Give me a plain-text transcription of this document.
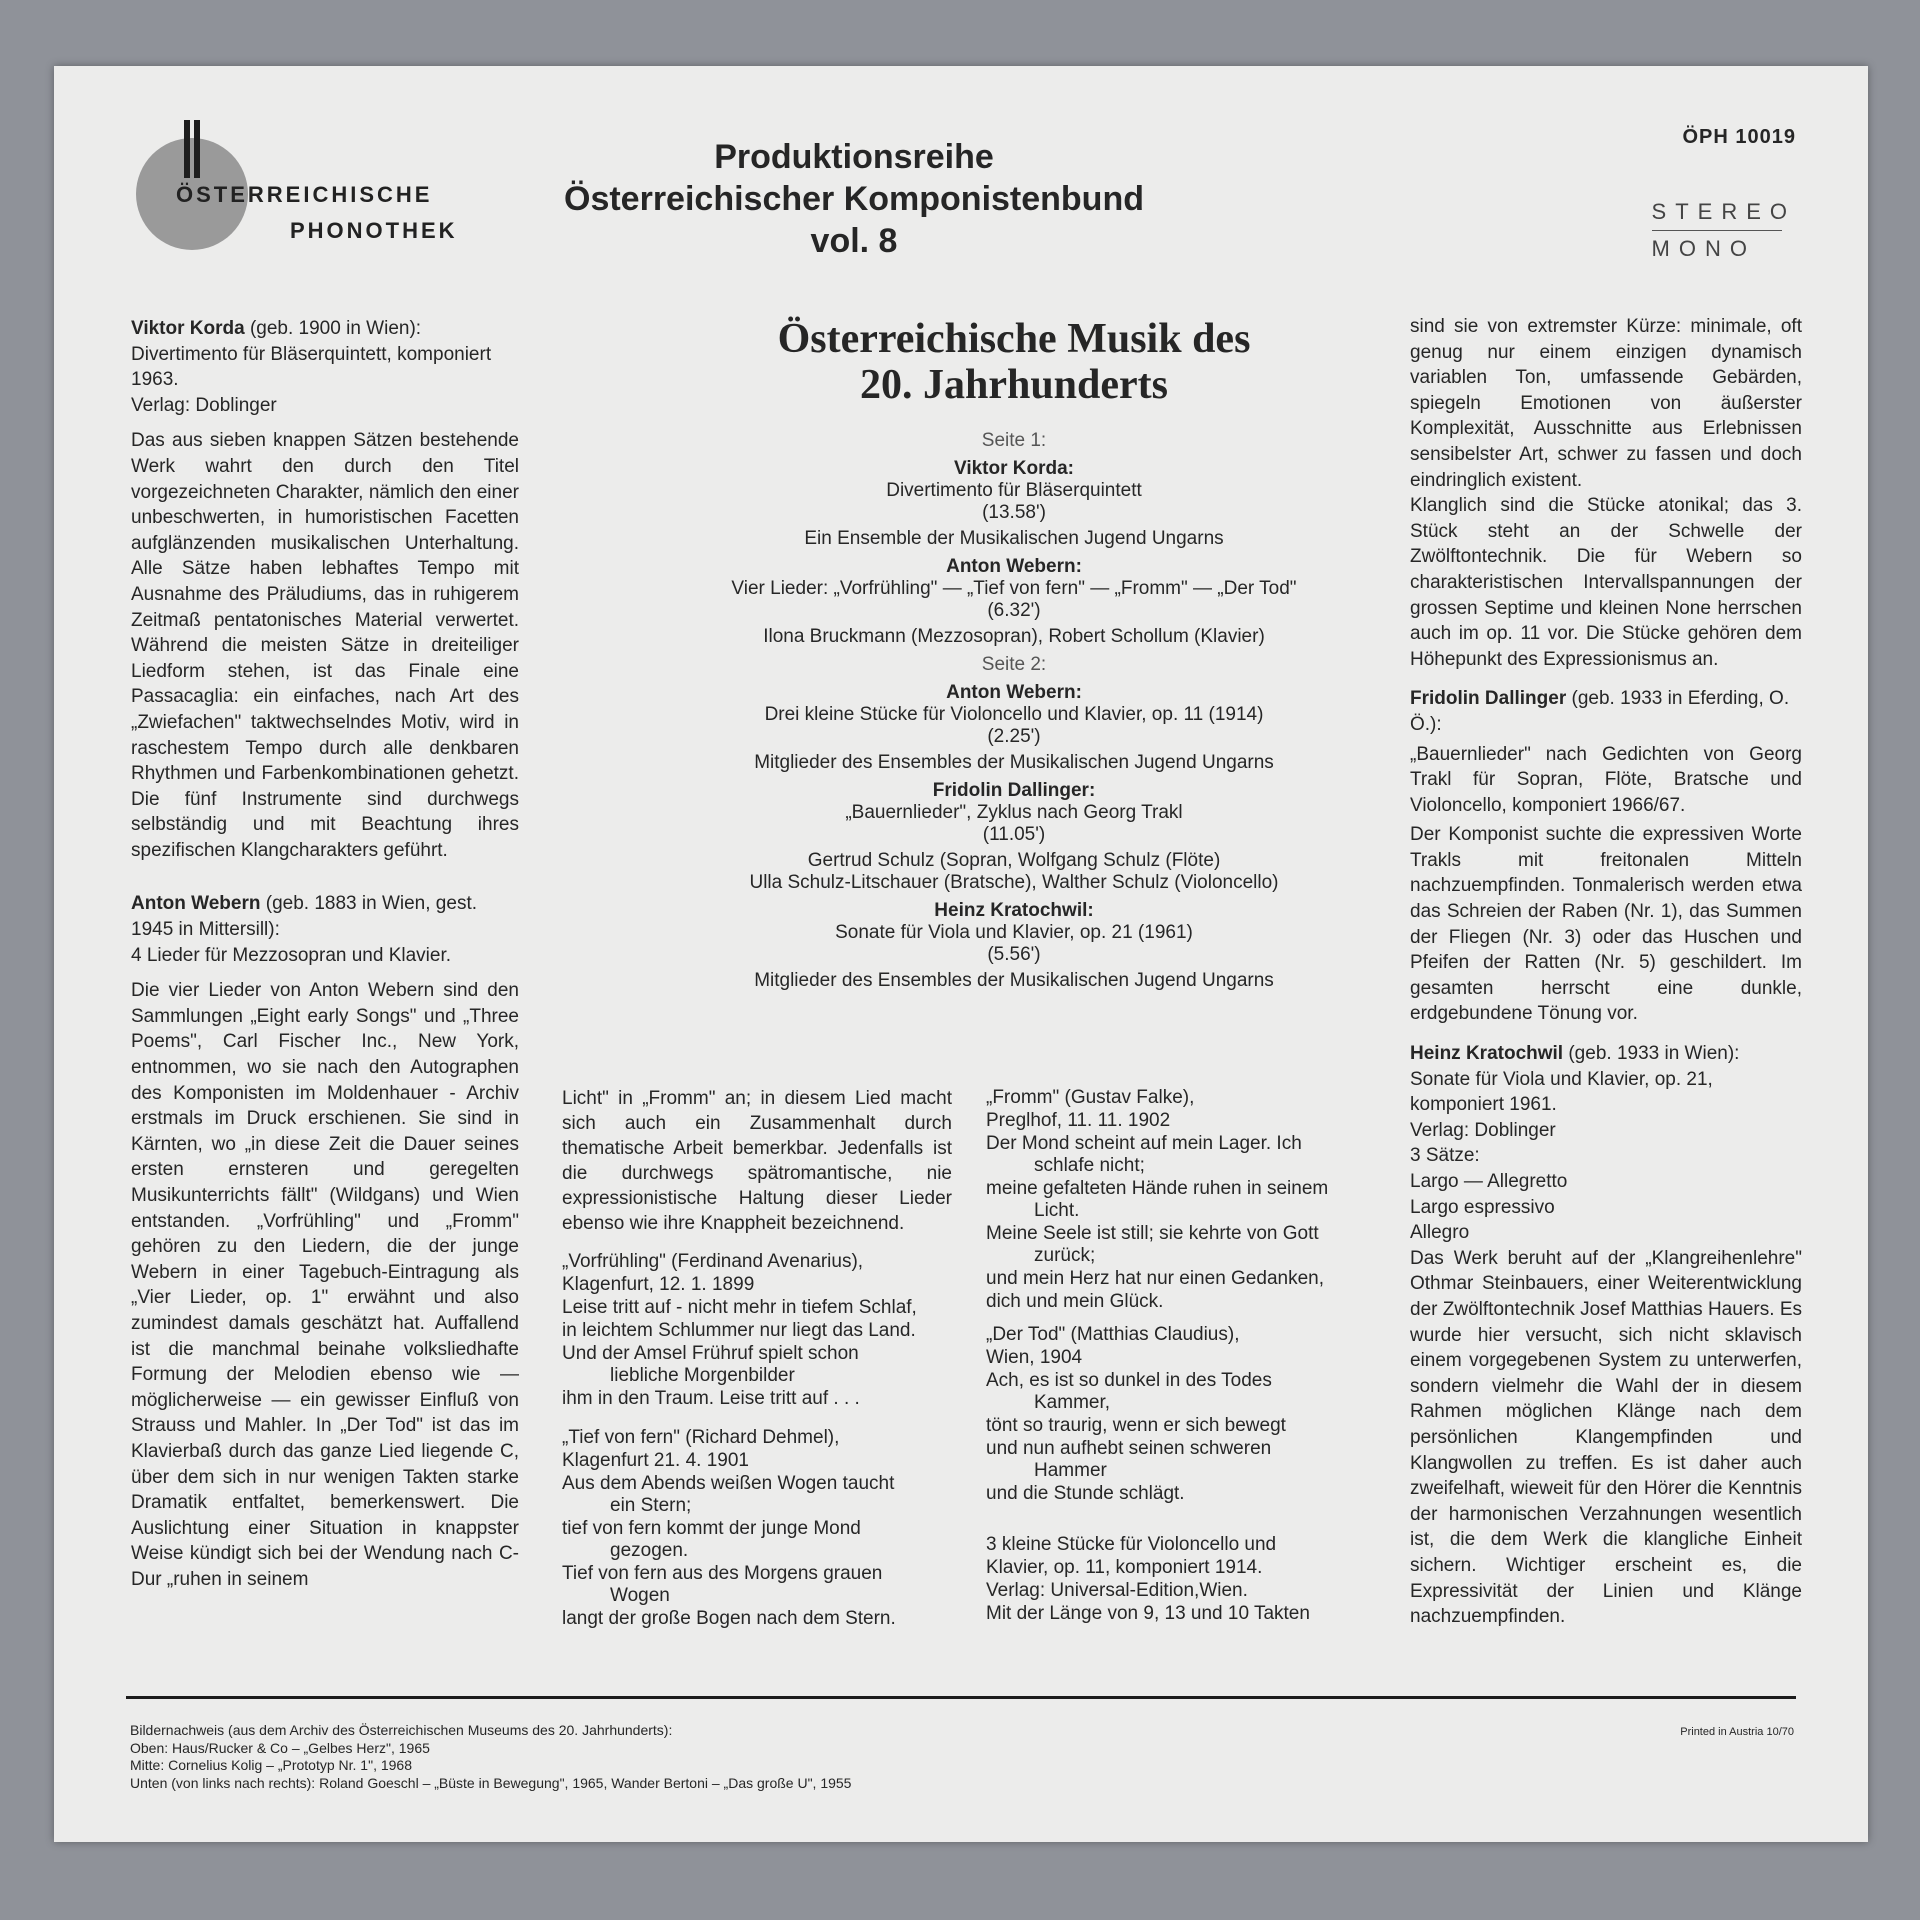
ÖSTERREICHISCHE
PHONOTHEK
Produktionsreihe
Österreichischer Komponistenbund
vol. 8
ÖPH 10019
STEREO
MONO
Österreichische Musik des
20. Jahrhunderts
Seite 1:
Viktor Korda:
Divertimento für Bläserquintett
(13.58')
Ein Ensemble der Musikalischen Jugend Ungarns
Anton Webern:
Vier Lieder: „Vorfrühling" — „Tief von fern" — „Fromm" — „Der Tod"
(6.32')
Ilona Bruckmann (Mezzosopran), Robert Schollum (Klavier)
Seite 2:
Anton Webern:
Drei kleine Stücke für Violoncello und Klavier, op. 11 (1914)
(2.25')
Mitglieder des Ensembles der Musikalischen Jugend Ungarns
Fridolin Dallinger:
„Bauernlieder", Zyklus nach Georg Trakl
(11.05')
Gertrud Schulz (Sopran, Wolfgang Schulz (Flöte)
Ulla Schulz-Litschauer (Bratsche), Walther Schulz (Violoncello)
Heinz Kratochwil:
Sonate für Viola und Klavier, op. 21 (1961)
(5.56')
Mitglieder des Ensembles der Musikalischen Jugend Ungarns

Viktor Korda (geb. 1900 in Wien): Divertimento für Bläserquintett, komponiert 1963.
Verlag: Doblinger

Das aus sieben knappen Sätzen bestehende Werk wahrt den durch den Titel vorgezeichneten Charakter, nämlich den einer unbeschwerten, in humoristischen Facetten aufglänzenden musikalischen Unterhaltung. Alle Sätze haben lebhaftes Tempo mit Ausnahme des Präludiums, das in ruhigerem Zeitmaß pentatonisches Material verwertet. Während die meisten Sätze in dreiteiliger Liedform stehen, ist das Finale eine Passacaglia: ein einfaches, nach Art des „Zwiefachen" taktwechselndes Motiv, wird in raschestem Tempo durch alle denkbaren Rhythmen und Farbenkombinationen gehetzt. Die fünf Instrumente sind durchwegs selbständig und mit Beachtung ihres spezifischen Klangcharakters geführt.

Anton Webern (geb. 1883 in Wien, gest. 1945 in Mittersill):
4 Lieder für Mezzosopran und Klavier.

Die vier Lieder von Anton Webern sind den Sammlungen „Eight early Songs" und „Three Poems", Carl Fischer Inc., New York, entnommen, wo sie nach den Autographen des Komponisten im Moldenhauer - Archiv erstmals im Druck erschienen. Sie sind in Kärnten, wo „in diese Zeit die Dauer seines ersten ernsteren und geregelten Musikunterrichts fällt" (Wildgans) und Wien entstanden. „Vorfrühling" und „Fromm" gehören zu den Liedern, die der junge Webern in einer Tagebuch-Eintragung als „Vier Lieder, op. 1" erwähnt und also zumindest damals geschätzt hat. Auffallend ist die manchmal beinahe volksliedhafte Formung der Melodien ebenso wie — möglicherweise — ein gewisser Einfluß von Strauss und Mahler. In „Der Tod" ist das im Klavierbaß durch das ganze Lied liegende C, über dem sich in nur wenigen Takten starke Dramatik entfaltet, bemerkenswert. Die Auslichtung einer Situation in knappster Weise kündigt sich bei der Wendung nach C-Dur „ruhen in seinem

Licht" in „Fromm" an; in diesem Lied macht sich auch ein Zusammenhalt durch thematische Arbeit bemerkbar. Jedenfalls ist die durchwegs spätromantische, nie expressionistische Haltung dieser Lieder ebenso wie ihre Knappheit bezeichnend.

„Vorfrühling" (Ferdinand Avenarius),
Klagenfurt, 12. 1. 1899
Leise tritt auf - nicht mehr in tiefem Schlaf,
in leichtem Schlummer nur liegt das Land.
Und der Amsel Frühruf spielt schon
liebliche Morgenbilder
ihm in den Traum. Leise tritt auf . . .

„Tief von fern" (Richard Dehmel),
Klagenfurt 21. 4. 1901
Aus dem Abends weißen Wogen taucht
ein Stern;
tief von fern kommt der junge Mond
gezogen.
Tief von fern aus des Morgens grauen
Wogen
langt der große Bogen nach dem Stern.

„Fromm" (Gustav Falke),
Preglhof, 11. 11. 1902
Der Mond scheint auf mein Lager. Ich
schlafe nicht;
meine gefalteten Hände ruhen in seinem
Licht.
Meine Seele ist still; sie kehrte von Gott
zurück;
und mein Herz hat nur einen Gedanken,
dich und mein Glück.

„Der Tod" (Matthias Claudius),
Wien, 1904
Ach, es ist so dunkel in des Todes
Kammer,
tönt so traurig, wenn er sich bewegt
und nun aufhebt seinen schweren
Hammer
und die Stunde schlägt.

3 kleine Stücke für Violoncello und
Klavier, op. 11, komponiert 1914.
Verlag: Universal-Edition,Wien.
Mit der Länge von 9, 13 und 10 Takten

sind sie von extremster Kürze: minimale, oft genug nur einem einzigen dynamisch variablen Ton, umfassende Gebärden, spiegeln Emotionen von äußerster Komplexität, Ausschnitte aus Erlebnissen sensibelster Art, schwer zu fassen und doch eindringlich existent.

Klanglich sind die Stücke atonikal; das 3. Stück steht an der Schwelle der Zwölftontechnik. Die für Webern so charakteristischen Intervallspannungen der grossen Septime und kleinen None herrschen auch im op. 11 vor. Die Stücke gehören dem Höhepunkt des Expressionismus an.

Fridolin Dallinger (geb. 1933 in Eferding, O. Ö.):

„Bauernlieder" nach Gedichten von Georg Trakl für Sopran, Flöte, Bratsche und Violoncello, komponiert 1966/67.

Der Komponist suchte die expressiven Worte Trakls mit freitonalen Mitteln nachzuempfinden. Tonmalerisch werden etwa das Schreien der Raben (Nr. 1), das Summen der Fliegen (Nr. 3) oder das Huschen und Pfeifen der Ratten (Nr. 5) geschildert. Im gesamten herrscht eine dunkle, erdgebundene Tönung vor.

Heinz Kratochwil (geb. 1933 in Wien):
Sonate für Viola und Klavier, op. 21, komponiert 1961.
Verlag: Doblinger
3 Sätze:
Largo — Allegretto
Largo espressivo
Allegro

Das Werk beruht auf der „Klangreihenlehre" Othmar Steinbauers, einer Weiterentwicklung der Zwölftontechnik Josef Matthias Hauers. Es wurde hier versucht, sich nicht sklavisch einem vorgegebenen System zu unterwerfen, sondern vielmehr die Wahl der in diesem Rahmen möglichen Klänge nach dem persönlichen Klangempfinden und Klangwollen zu treffen. Es ist daher auch zweifelhaft, wieweit für den Hörer die Kenntnis der harmonischen Verzahnungen wesentlich ist, die dem Werk die klangliche Einheit sichern. Wichtiger erscheint es, die Expressivität der Linien und Klänge nachzuempfinden.

Bildernachweis (aus dem Archiv des Österreichischen Museums des 20. Jahrhunderts):
Oben: Haus/Rucker & Co – „Gelbes Herz", 1965
Mitte: Cornelius Kolig – „Prototyp Nr. 1", 1968
Unten (von links nach rechts): Roland Goeschl – „Büste in Bewegung", 1965, Wander Bertoni – „Das große U", 1955
Printed in Austria 10/70
